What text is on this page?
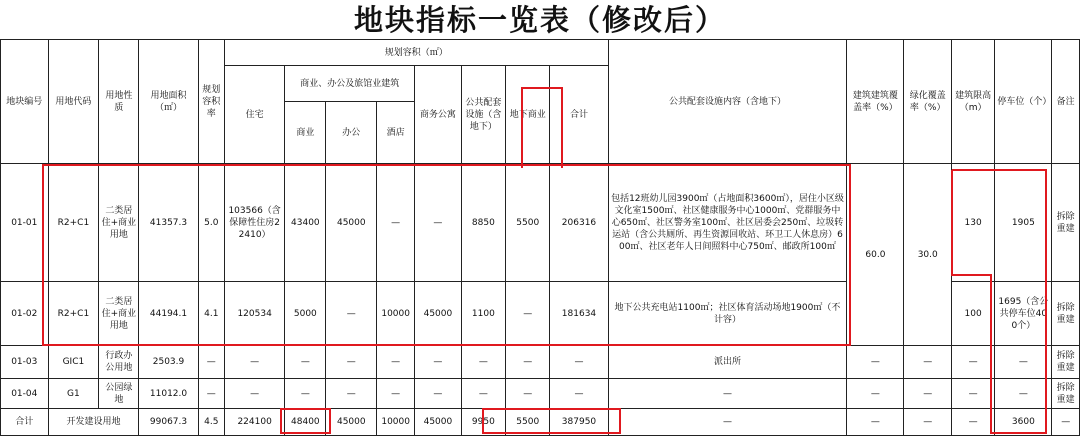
地块指标一览表（修改后）
地块编号	用地代码	用地性质	用地面积（㎡）	规划容积率	规划容积（㎡）								公共配套设施内容（含地下）	建筑建筑覆盖率（%）	绿化覆盖率（%）	建筑限高（m）	停车位（个）	备注
					住宅	商业、办公及旅馆业建筑			商务公寓	公共配套设施（含地下）	地下商业	合计						
						商业	办公	酒店										
01-01	R2+C1	二类居住+商业用地	41357.3	5.0	103566（含保障性住房22410）	43400	45000	—	—	8850	5500	206316	包括12班幼儿园3900㎡（占地面积3600㎡），居住小区级文化室1500㎡、社区健康服务中心1000㎡、党群服务中心650㎡、社区警务室100㎡、社区居委会250㎡、垃圾转运站（含公共厕所、再生资源回收站、环卫工人休息房）600㎡、社区老年人日间照料中心750㎡、邮政所100㎡	60.0	30.0	130	1905	拆除重建
01-02	R2+C1	二类居住+商业用地	44194.1	4.1	120534	5000	—	10000	45000	1100	—	181634	地下公共充电站1100㎡；社区体育活动场地1900㎡（不计容）			100	1695（含公共停车位400个）	拆除重建
01-03	GIC1	行政办公用地	2503.9	—	—	—	—	—	—	—	—	—	派出所	—	—	—	—	拆除重建
01-04	G1	公园绿地	11012.0	—	—	—	—	—	—	—	—	—	—	—	—	—	—	拆除重建
合计	开发建设用地		99067.3	4.5	224100	48400	45000	10000	45000	9950	5500	387950	—	—	—	—	3600	—
